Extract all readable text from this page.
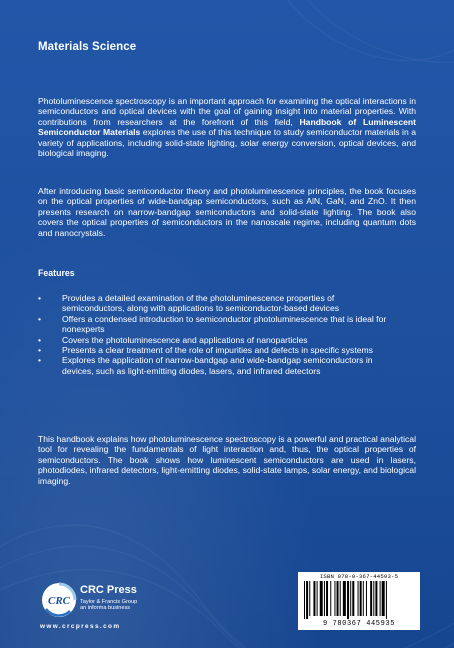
Materials Science
Photoluminescence spectroscopy is an important approach for examining the optical interactions in semiconductors and optical devices with the goal of gaining insight into material properties. With contributions from researchers at the forefront of this field, Handbook of Luminescent Semiconductor Materials explores the use of this technique to study semiconductor materials in a variety of applications, including solid-state lighting, solar energy conversion, optical devices, and biological imaging.
After introducing basic semiconductor theory and photoluminescence principles, the book focuses on the optical properties of wide-bandgap semiconductors, such as AlN, GaN, and ZnO. It then presents research on narrow-bandgap semiconductors and solid-state lighting. The book also covers the optical properties of semiconductors in the nanoscale regime, including quantum dots and nanocrystals.
Features
• Provides a detailed examination of the photoluminescence properties of semiconductors, along with applications to semiconductor-based devices
• Offers a condensed introduction to semiconductor photoluminescence that is ideal for nonexperts
• Covers the photoluminescence and applications of nanoparticles
• Presents a clear treatment of the role of impurities and defects in specific systems
• Explores the application of narrow-bandgap and wide-bandgap semiconductors in devices, such as light-emitting diodes, lasers, and infrared detectors
This handbook explains how photoluminescence spectroscopy is a powerful and practical analytical tool for revealing the fundamentals of light interaction and, thus, the optical properties of semiconductors. The book shows how luminescent semiconductors are used in lasers, photodiodes, infrared detectors, light-emitting diodes, solid-state lamps, solar energy, and biological imaging.
CRC
CRC Press
Taylor & Francis Group
an informa business
www.crcpress.com
ISBN 978-0-367-44593-5
9 780367 445935
